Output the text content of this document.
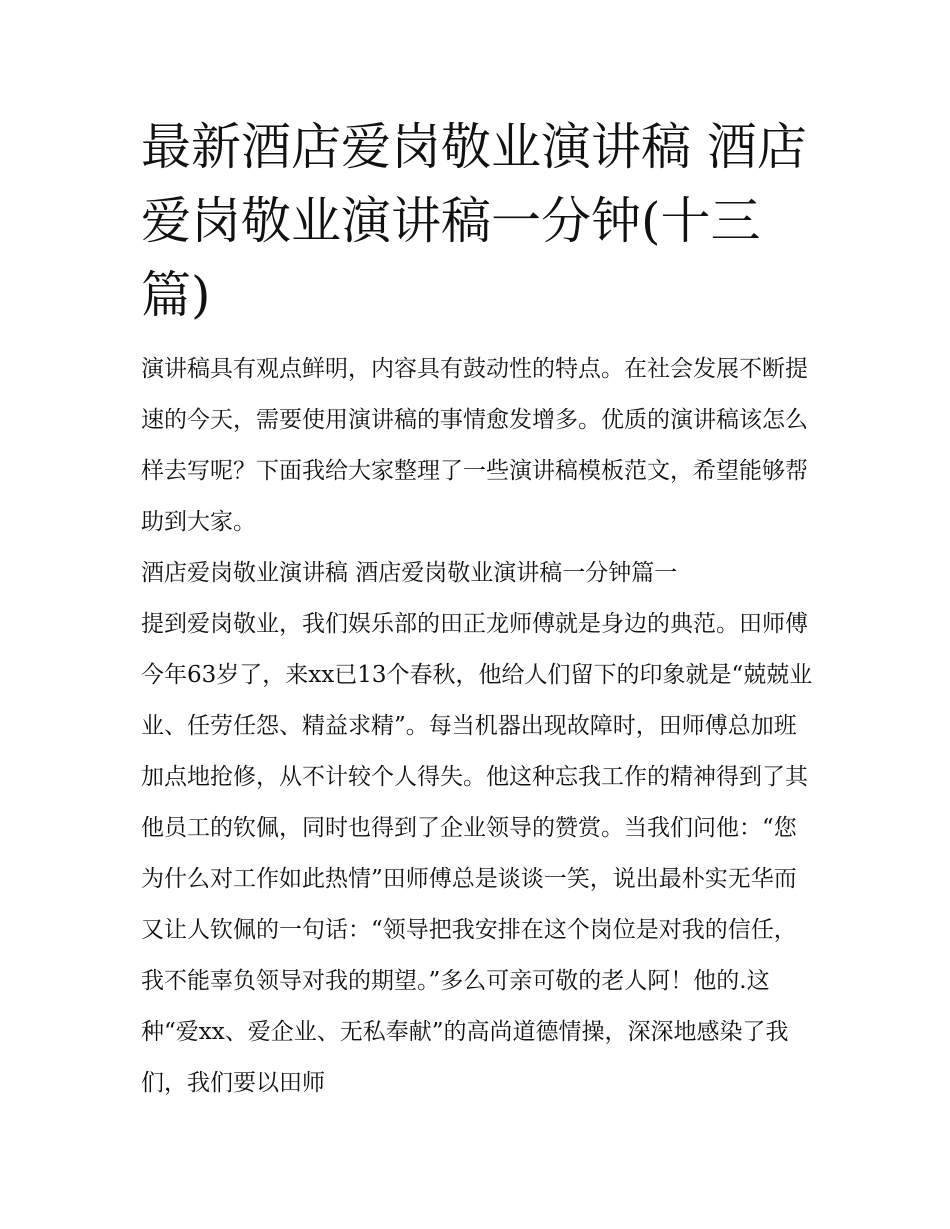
最新酒店爱岗敬业演讲稿 酒店爱岗敬业演讲稿一分钟(十三篇)

演讲稿具有观点鲜明，内容具有鼓动性的特点。在社会发展不断提速的今天，需要使用演讲稿的事情愈发增多。优质的演讲稿该怎么样去写呢？下面我给大家整理了一些演讲稿模板范文，希望能够帮助到大家。

酒店爱岗敬业演讲稿 酒店爱岗敬业演讲稿一分钟篇一

提到爱岗敬业，我们娱乐部的田正龙师傅就是身边的典范。田师傅今年63岁了，来xx已13个春秋，他给人们留下的印象就是“兢兢业业、任劳任怨、精益求精”。每当机器出现故障时，田师傅总加班加点地抢修，从不计较个人得失。他这种忘我工作的精神得到了其他员工的钦佩，同时也得到了企业领导的赞赏。当我们问他：“您为什么对工作如此热情”田师傅总是谈谈一笑，说出最朴实无华而又让人钦佩的一句话：“领导把我安排在这个岗位是对我的信任，我不能辜负领导对我的期望。”多么可亲可敬的老人阿！他的.这种“爱xx、爱企业、无私奉献”的高尚道德情操，深深地感染了我们，我们要以田师
